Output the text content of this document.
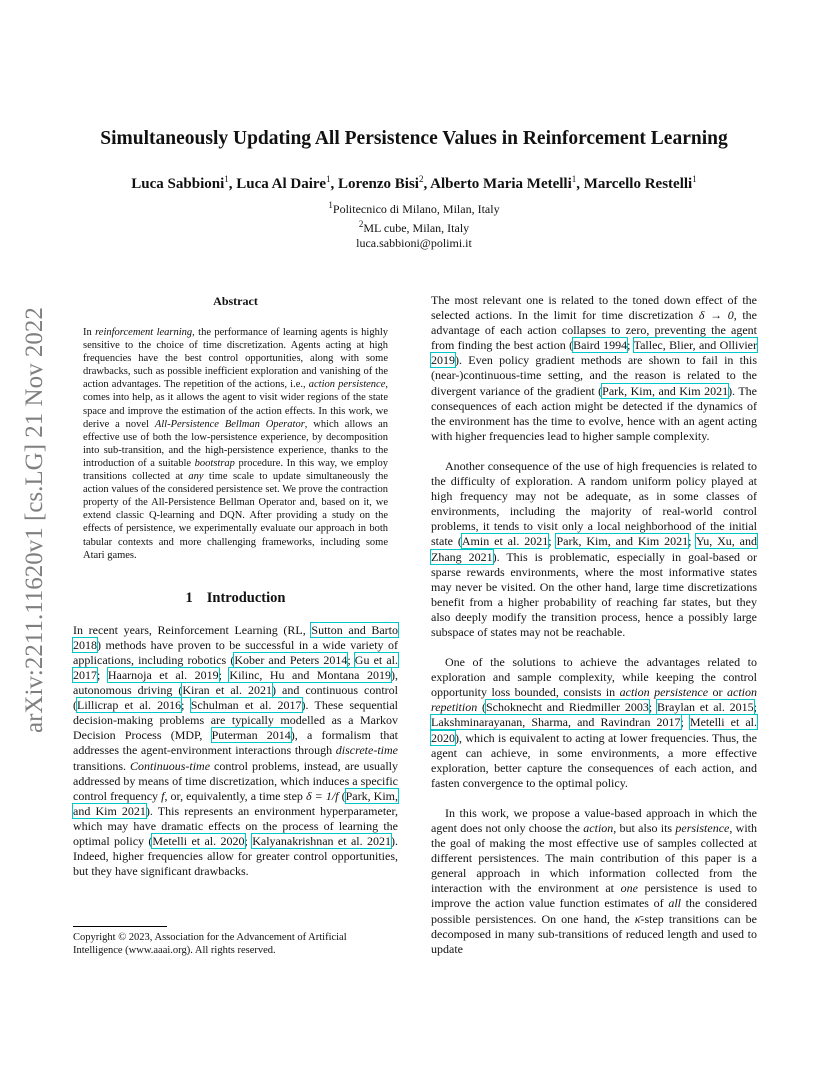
arXiv:2211.11620v1 [cs.LG] 21 Nov 2022
Simultaneously Updating All Persistence Values in Reinforcement Learning
Luca Sabbioni$^1$, Luca Al Daire$^1$, Lorenzo Bisi$^2$, Alberto Maria Metelli$^1$, Marcello Restelli$^1$
$^1$Politecnico di Milano, Milan, Italy
$^2$ML cube, Milan, Italy
luca.sabbioni@polimi.it
Abstract
In reinforcement learning, the performance of learning agents is highly sensitive to the choice of time discretization. Agents acting at high frequencies have the best control opportunities, along with some drawbacks, such as possible inefficient exploration and vanishing of the action advantages. The repetition of the actions, i.e., action persistence, comes into help, as it allows the agent to visit wider regions of the state space and improve the estimation of the action effects. In this work, we derive a novel All-Persistence Bellman Operator, which allows an effective use of both the low-persistence experience, by decomposition into sub-transition, and the high-persistence experience, thanks to the introduction of a suitable bootstrap procedure. In this way, we employ transitions collected at any time scale to update simultaneously the action values of the considered persistence set. We prove the contraction property of the All-Persistence Bellman Operator and, based on it, we extend classic Q-learning and DQN. After providing a study on the effects of persistence, we experimentally evaluate our approach in both tabular contexts and more challenging frameworks, including some Atari games.
1 Introduction

In recent years, Reinforcement Learning (RL, Sutton and Barto 2018) methods have proven to be successful in a wide variety of applications, including robotics (Kober and Peters 2014; Gu et al. 2017; Haarnoja et al. 2019; Kilinc, Hu and Montana 2019), autonomous driving (Kiran et al. 2021) and continuous control (Lillicrap et al. 2016; Schulman et al. 2017). These sequential decision-making problems are typically modelled as a Markov Decision Process (MDP, Puterman 2014), a formalism that addresses the agent-environment interactions through discrete-time transitions. Continuous-time control problems, instead, are usually addressed by means of time discretization, which induces a specific control frequency f, or, equivalently, a time step δ = 1/f (Park, Kim, and Kim 2021). This represents an environment hyperparameter, which may have dramatic effects on the process of learning the optimal policy (Metelli et al. 2020; Kalyanakrishnan et al. 2021). Indeed, higher frequencies allow for greater control opportunities, but they have significant drawbacks.

Copyright © 2023, Association for the Advancement of Artificial Intelligence (www.aaai.org). All rights reserved.

The most relevant one is related to the toned down effect of the selected actions. In the limit for time discretization δ → 0, the advantage of each action collapses to zero, preventing the agent from finding the best action (Baird 1994; Tallec, Blier, and Ollivier 2019). Even policy gradient methods are shown to fail in this (near-)continuous-time setting, and the reason is related to the divergent variance of the gradient (Park, Kim, and Kim 2021). The consequences of each action might be detected if the dynamics of the environment has the time to evolve, hence with an agent acting with higher frequencies lead to higher sample complexity.

Another consequence of the use of high frequencies is related to the difficulty of exploration. A random uniform policy played at high frequency may not be adequate, as in some classes of environments, including the majority of real-world control problems, it tends to visit only a local neighborhood of the initial state (Amin et al. 2021; Park, Kim, and Kim 2021; Yu, Xu, and Zhang 2021). This is problematic, especially in goal-based or sparse rewards environments, where the most informative states may never be visited. On the other hand, large time discretizations benefit from a higher probability of reaching far states, but they also deeply modify the transition process, hence a possibly large subspace of states may not be reachable.

One of the solutions to achieve the advantages related to exploration and sample complexity, while keeping the control opportunity loss bounded, consists in action persistence or action repetition (Schoknecht and Riedmiller 2003; Braylan et al. 2015; Lakshminarayanan, Sharma, and Ravindran 2017; Metelli et al. 2020), which is equivalent to acting at lower frequencies. Thus, the agent can achieve, in some environments, a more effective exploration, better capture the consequences of each action, and fasten convergence to the optimal policy.

In this work, we propose a value-based approach in which the agent does not only choose the action, but also its persistence, with the goal of making the most effective use of samples collected at different persistences. The main contribution of this paper is a general approach in which information collected from the interaction with the environment at one persistence is used to improve the action value function estimates of all the considered possible persistences. On one hand, the κ̄-step transitions can be decomposed in many sub-transitions of reduced length and used to update
